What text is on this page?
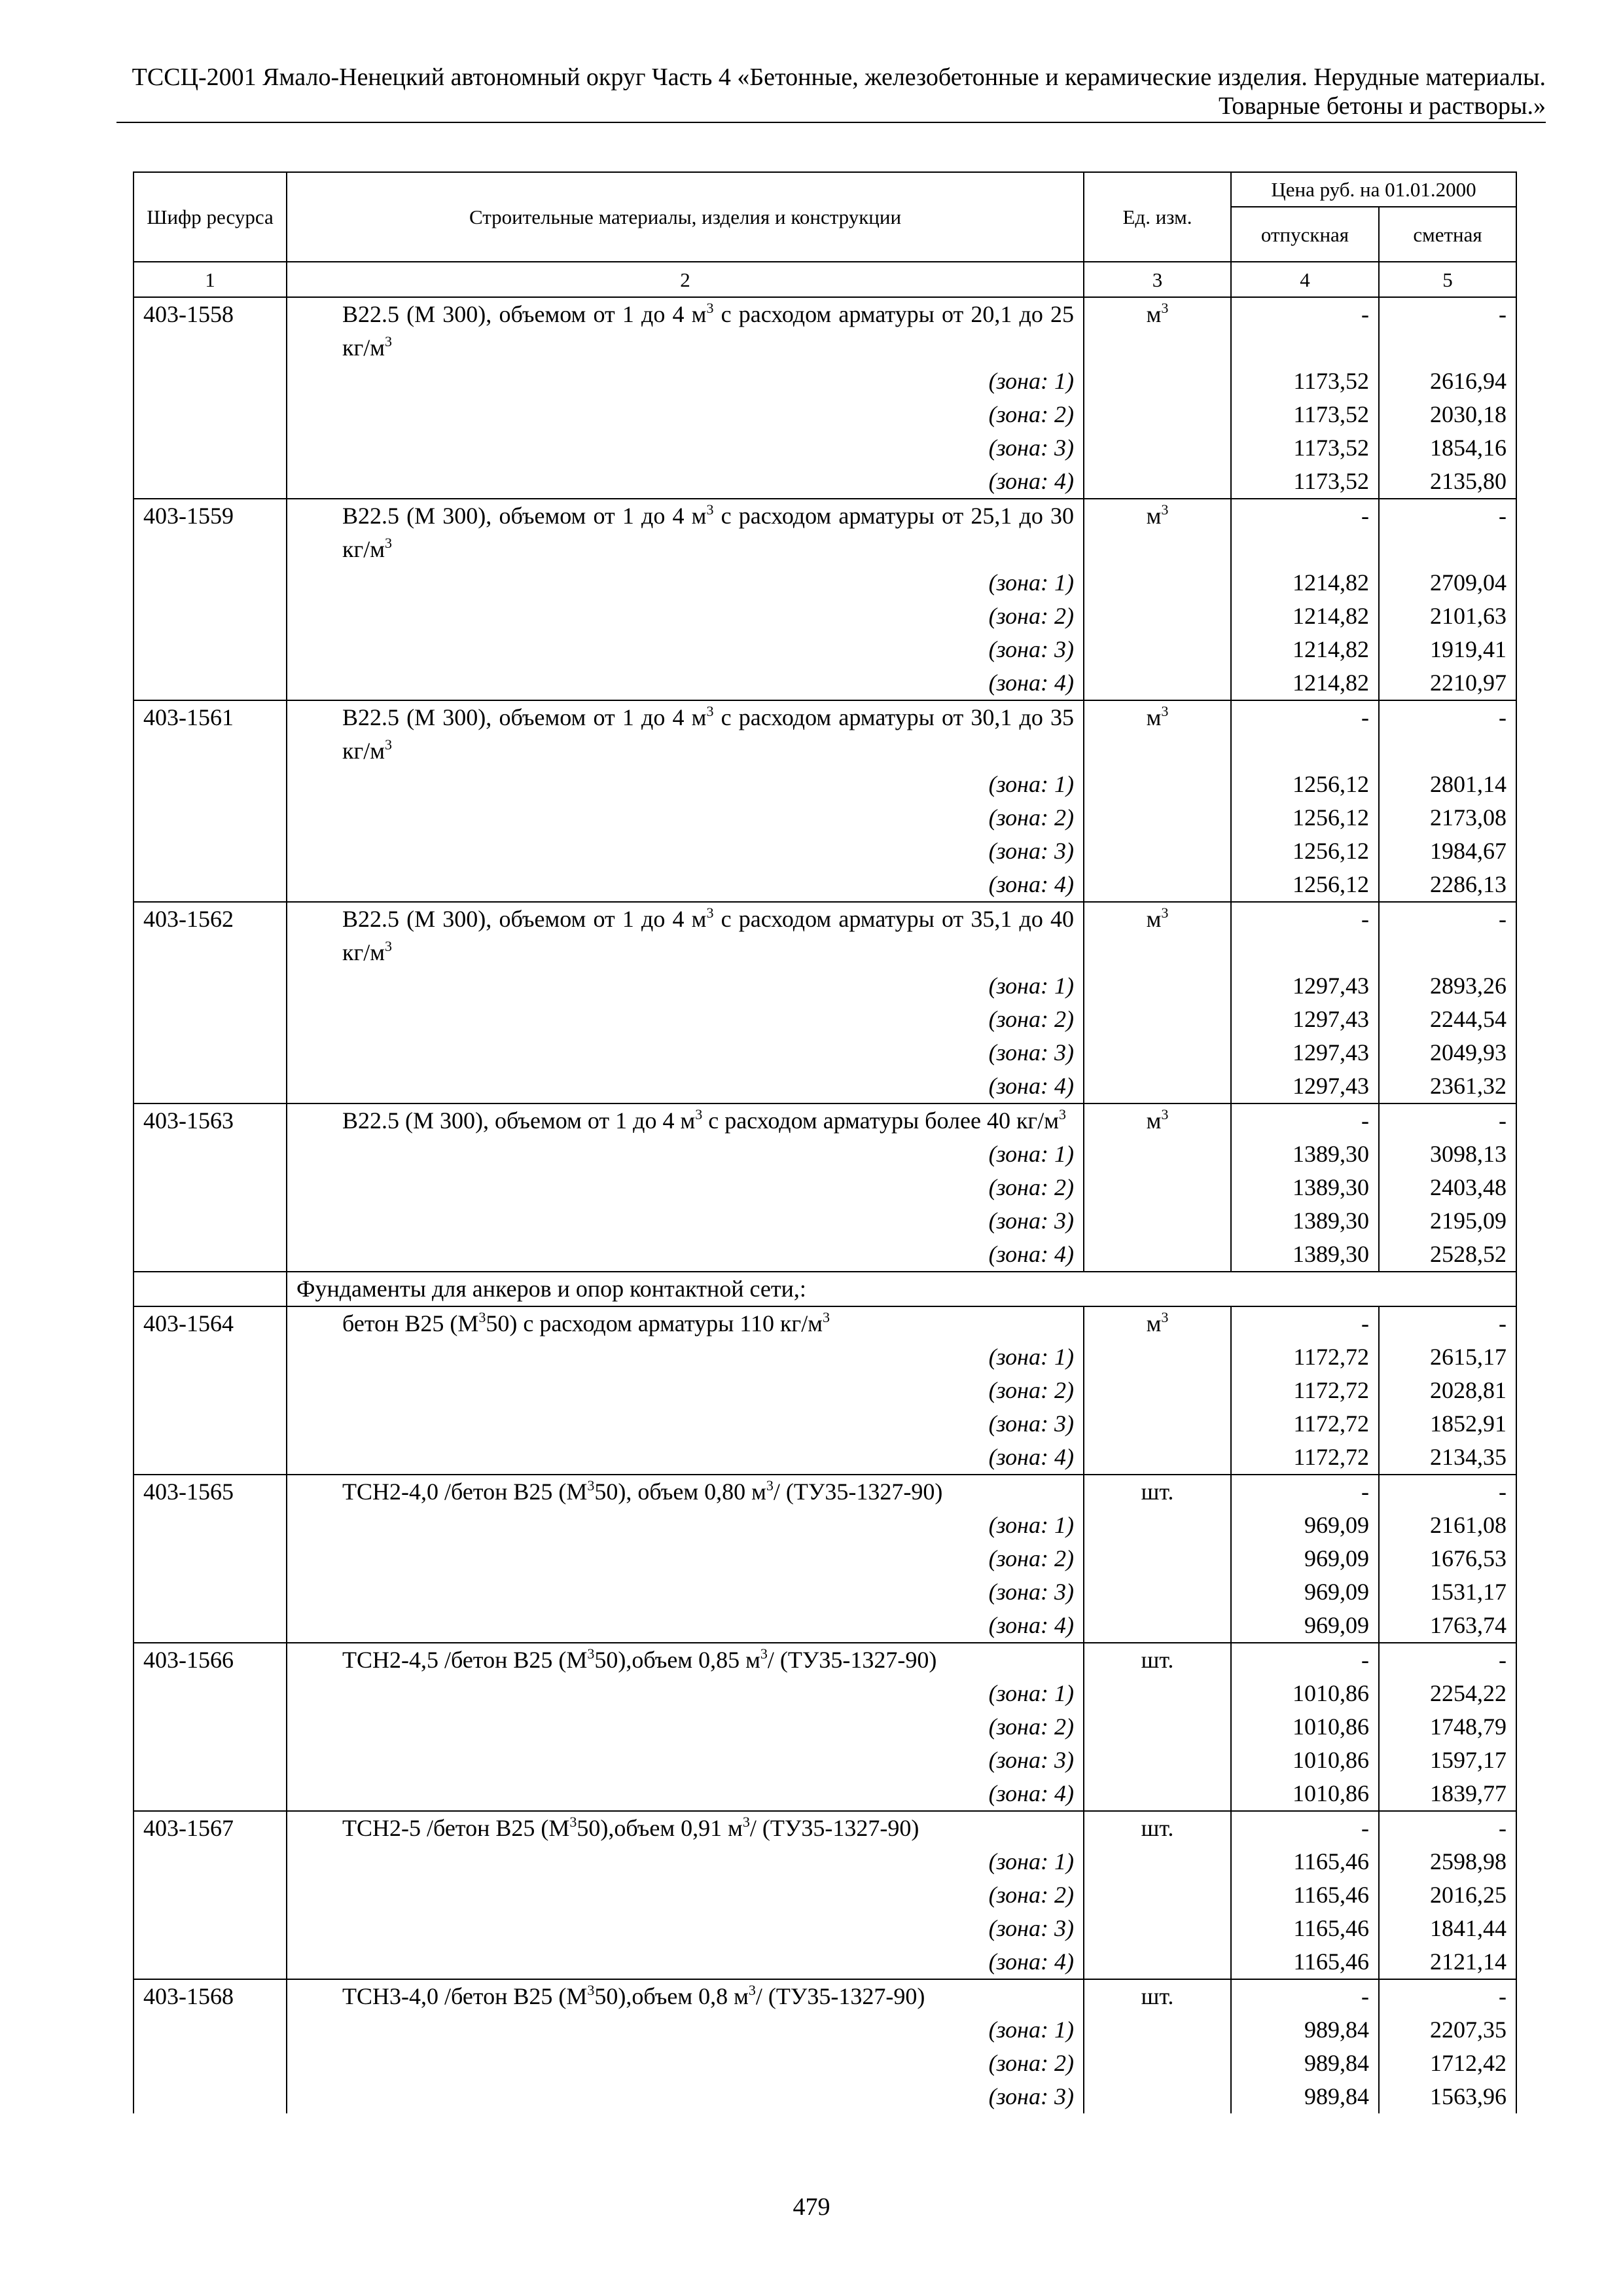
ТССЦ-2001 Ямало-Ненецкий автономный округ Часть 4 «Бетонные, железобетонные и керамические изделия. Нерудные материалы.
Товарные бетоны и растворы.»
Шифр ресурса	Строительные материалы, изделия и конструкции	Ед. изм.	Цена руб. на 01.01.2000	
			отпускная	сметная
1	2	3	4	5
403-1558	В22.5 (М 300), объемом от 1 до 4 $м^3$ с расходом арматуры от 20,1 до 25 $кг/м^3$	$м^3$	-	-
	(зона: 1)		1173,52	2616,94
	(зона: 2)		1173,52	2030,18
	(зона: 3)		1173,52	1854,16
	(зона: 4)		1173,52	2135,80
403-1559	В22.5 (М 300), объемом от 1 до 4 $м^3$ с расходом арматуры от 25,1 до 30 $кг/м^3$	$м^3$	-	-
	(зона: 1)		1214,82	2709,04
	(зона: 2)		1214,82	2101,63
	(зона: 3)		1214,82	1919,41
	(зона: 4)		1214,82	2210,97
403-1561	В22.5 (М 300), объемом от 1 до 4 $м^3$ с расходом арматуры от 30,1 до 35 $кг/м^3$	$м^3$	-	-
	(зона: 1)		1256,12	2801,14
	(зона: 2)		1256,12	2173,08
	(зона: 3)		1256,12	1984,67
	(зона: 4)		1256,12	2286,13
403-1562	В22.5 (М 300), объемом от 1 до 4 $м^3$ с расходом арматуры от 35,1 до 40 $кг/м^3$	$м^3$	-	-
	(зона: 1)		1297,43	2893,26
	(зона: 2)		1297,43	2244,54
	(зона: 3)		1297,43	2049,93
	(зона: 4)		1297,43	2361,32
403-1563	В22.5 (М 300), объемом от 1 до 4 $м^3$ с расходом арматуры более 40 $кг/м^3$	$м^3$	-	-
	(зона: 1)		1389,30	3098,13
	(зона: 2)		1389,30	2403,48
	(зона: 3)		1389,30	2195,09
	(зона: 4)		1389,30	2528,52
	Фундаменты для анкеров и опор контактной сети,:			
403-1564	бетон В25 $(М^350)$ с расходом арматуры 110 $кг/м^3$	$м^3$	-	-
	(зона: 1)		1172,72	2615,17
	(зона: 2)		1172,72	2028,81
	(зона: 3)		1172,72	1852,91
	(зона: 4)		1172,72	2134,35
403-1565	ТСН2-4,0 /бетон В25 $(М^350)$, объем 0,80 $м^3/$ (ТУ35-1327-90)	шт.	-	-
	(зона: 1)		969,09	2161,08
	(зона: 2)		969,09	1676,53
	(зона: 3)		969,09	1531,17
	(зона: 4)		969,09	1763,74
403-1566	ТСН2-4,5 /бетон В25 $(М^350),объем$ 0,85 $м^3/$ (ТУ35-1327-90)	шт.	-	-
	(зона: 1)		1010,86	2254,22
	(зона: 2)		1010,86	1748,79
	(зона: 3)		1010,86	1597,17
	(зона: 4)		1010,86	1839,77
403-1567	ТСН2-5 /бетон В25 $(М^350),объем$ 0,91 $м^3/$ (ТУ35-1327-90)	шт.	-	-
	(зона: 1)		1165,46	2598,98
	(зона: 2)		1165,46	2016,25
	(зона: 3)		1165,46	1841,44
	(зона: 4)		1165,46	2121,14
403-1568	ТСН3-4,0 /бетон В25 $(М^350),объем$ 0,8 $м^3/$ (ТУ35-1327-90)	шт.	-	-
	(зона: 1)		989,84	2207,35
	(зона: 2)		989,84	1712,42
	(зона: 3)		989,84	1563,96
479
